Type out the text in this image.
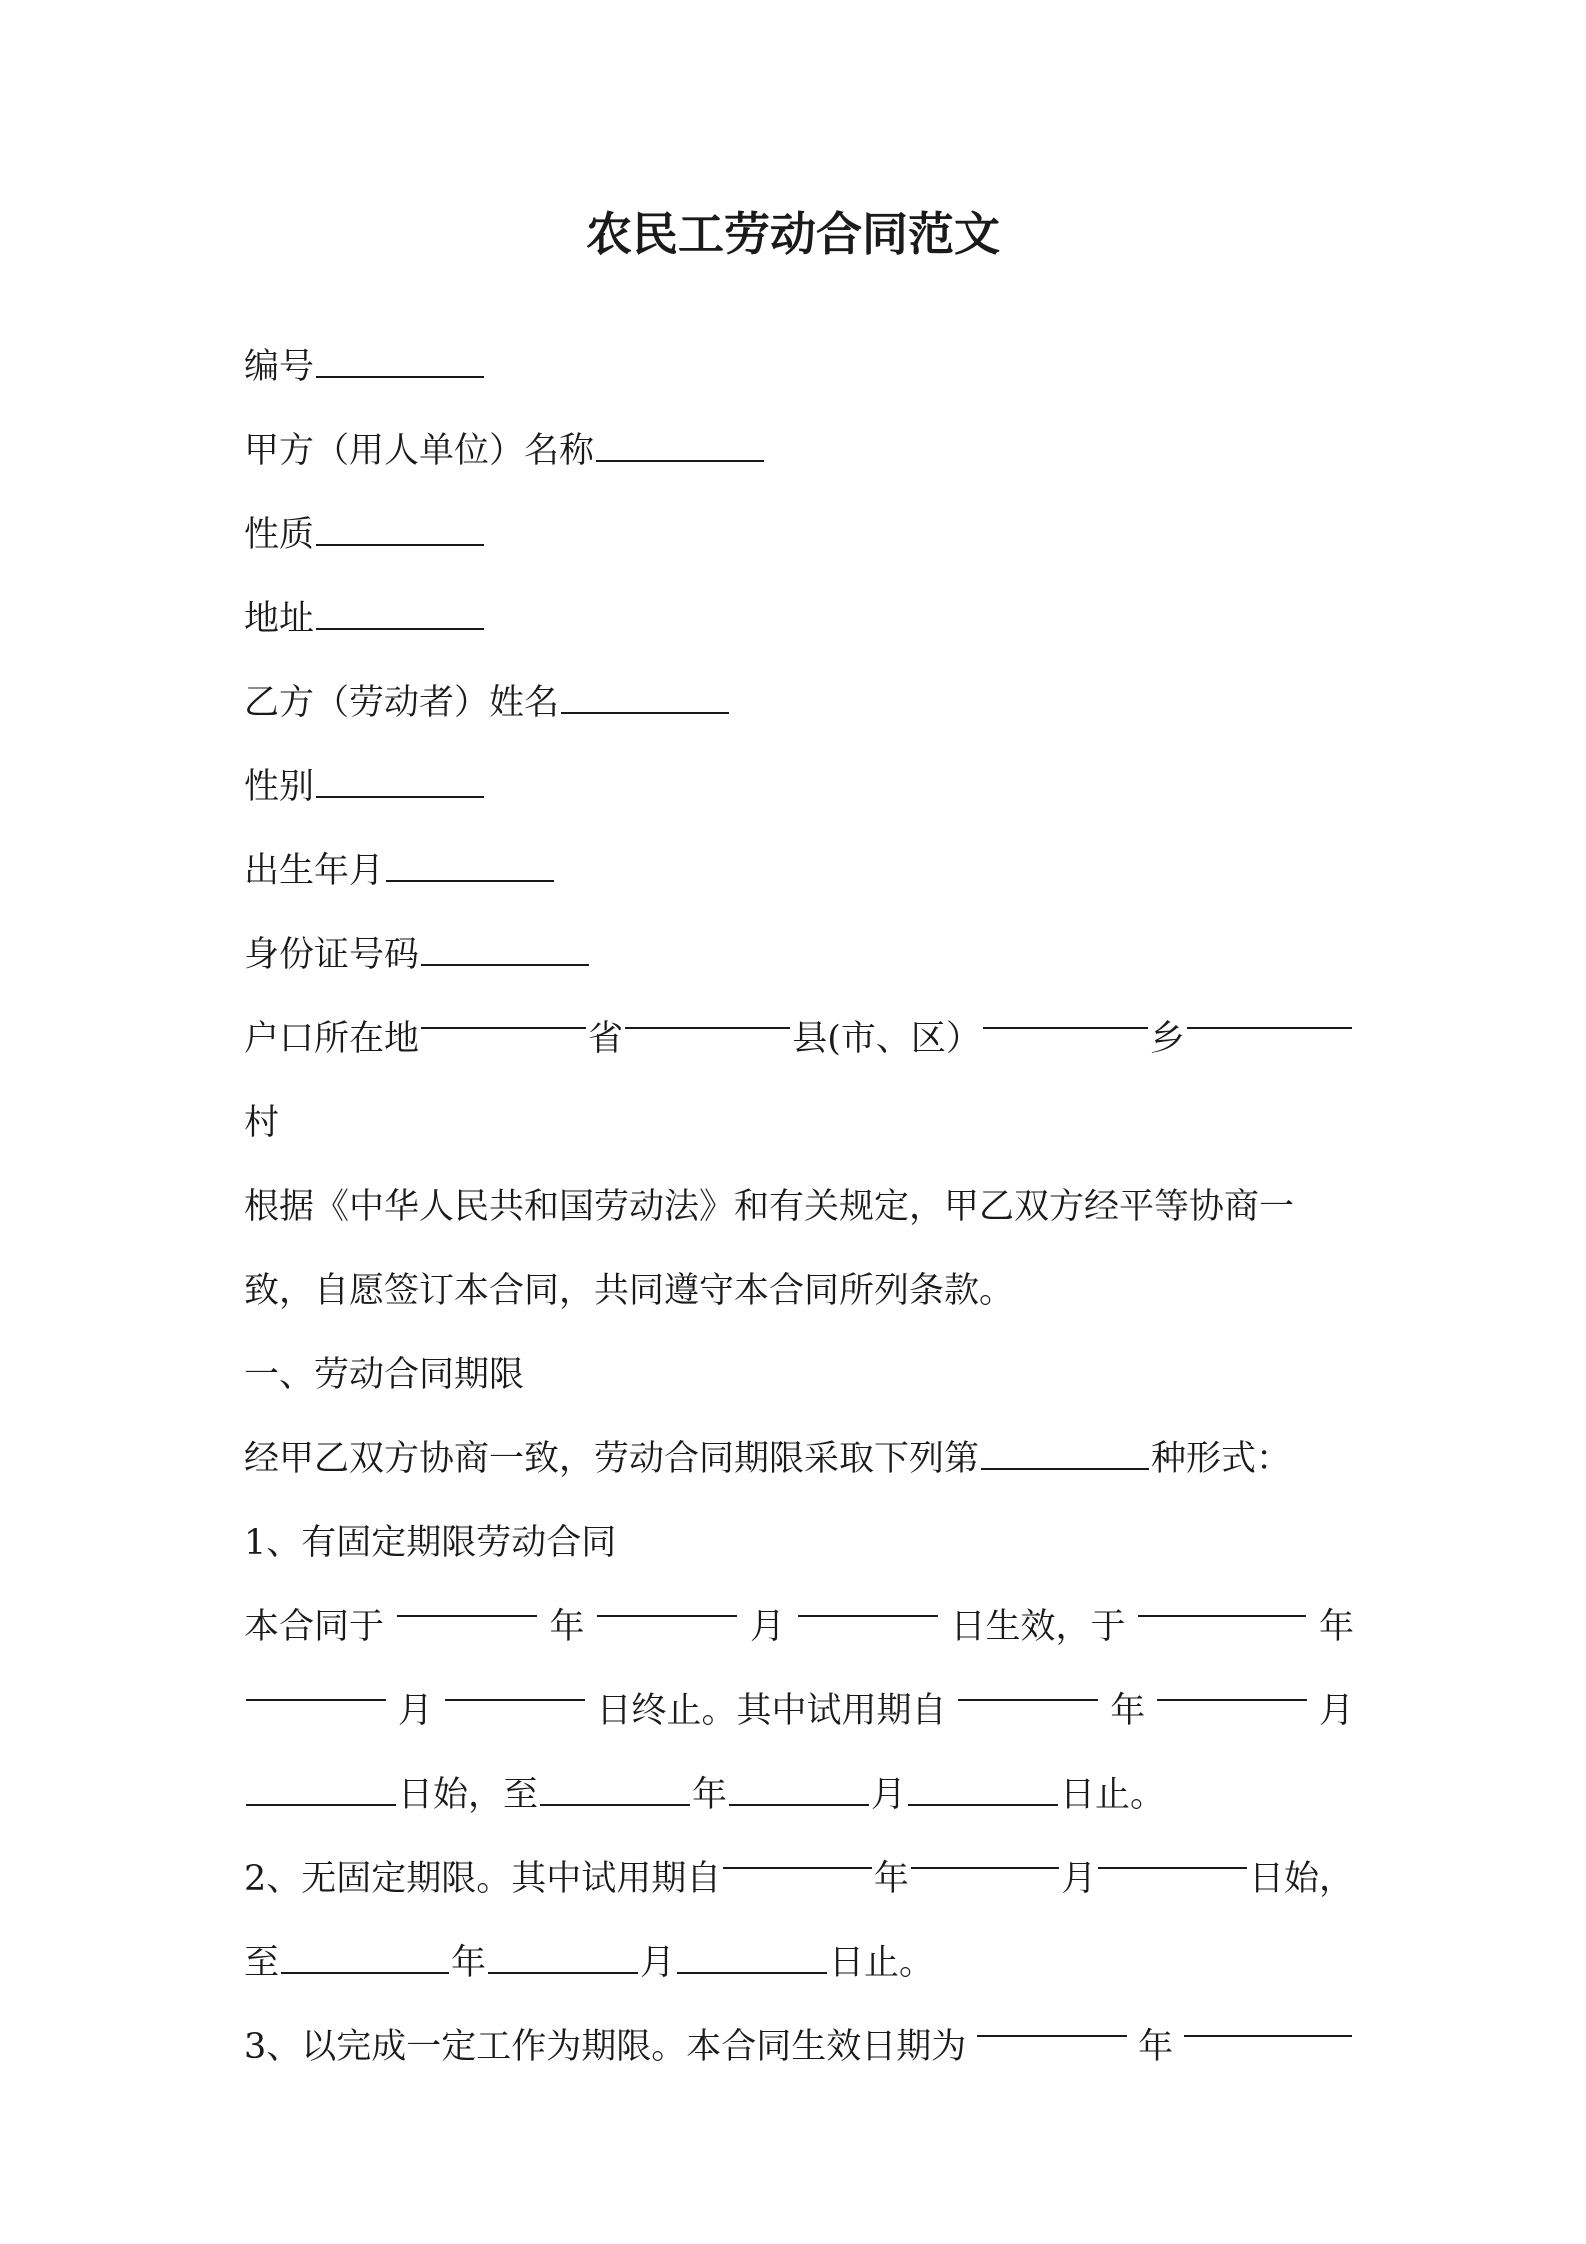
农民工劳动合同范文
编号
甲方（用人单位）名称
性质
地址
乙方（劳动者）姓名
性别
出生年月
身份证号码
户口所在地	省	县(市、区）	乡
村
根据《中华人民共和国劳动法》和有关规定，甲乙双方经平等协商一
致，自愿签订本合同，共同遵守本合同所列条款。
一、劳动合同期限
经甲乙双方协商一致，劳动合同期限采取下列第	种形式：
1、有固定期限劳动合同
本合同于	年	月	日生效，于	年
月	日终止。其中试用期自	年	月
日始，至	年	月	日止。
2、无固定期限。其中试用期自	年	月	日始，
至	年	月	日止。
3、以完成一定工作为期限。本合同生效日期为	年
